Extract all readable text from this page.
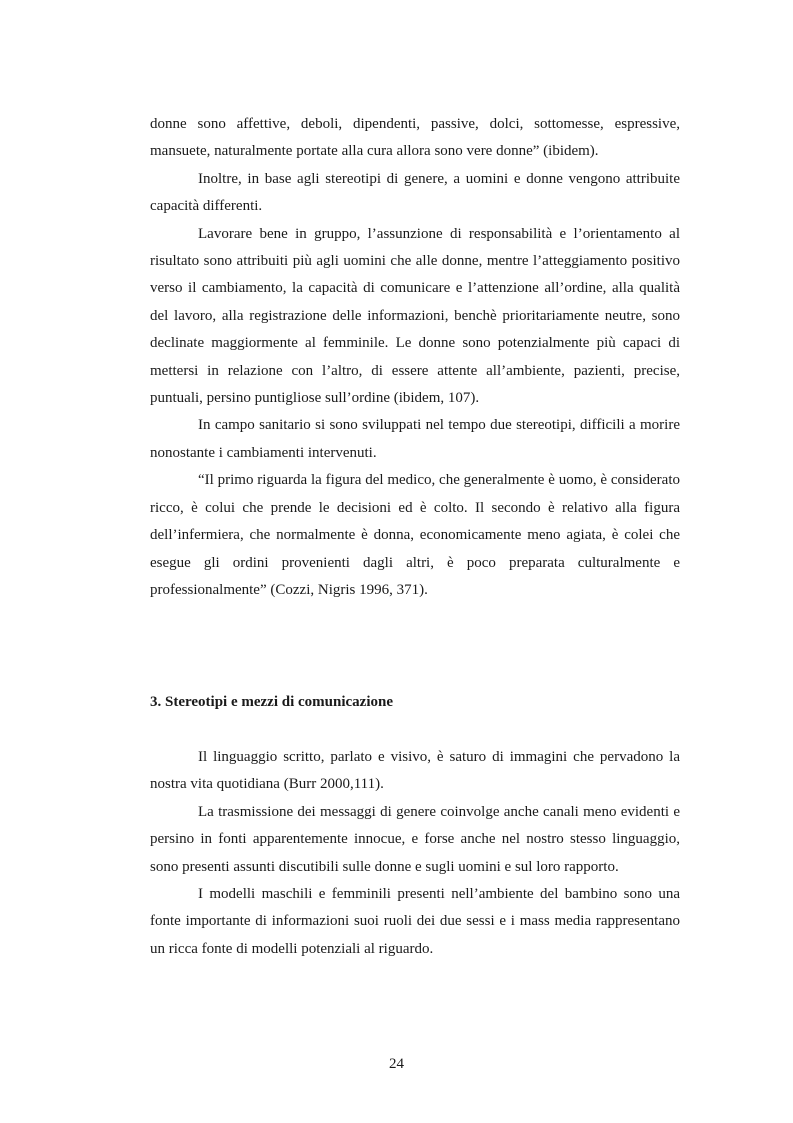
donne sono affettive, deboli, dipendenti, passive, dolci, sottomesse, espressive, mansuete, naturalmente portate alla cura allora sono vere donne” (ibidem).

Inoltre, in base agli stereotipi di genere, a uomini e donne vengono attribuite capacità differenti.

Lavorare bene in gruppo, l’assunzione di responsabilità e l’orientamento al risultato sono attribuiti più agli uomini che alle donne, mentre l’atteggiamento positivo verso il cambiamento, la capacità di comunicare e l’attenzione all’ordine, alla qualità del lavoro, alla registrazione delle informazioni, benchè prioritariamente neutre, sono declinate maggiormente al femminile. Le donne sono potenzialmente più capaci di mettersi in relazione con l’altro, di essere attente all’ambiente, pazienti, precise, puntuali, persino puntigliose sull’ordine (ibidem, 107).

In campo sanitario si sono sviluppati nel tempo due stereotipi, difficili a morire nonostante i cambiamenti intervenuti.

“Il primo riguarda la figura del medico, che generalmente è uomo, è considerato ricco, è colui che prende le decisioni ed è colto. Il secondo è relativo alla figura dell’infermiera, che normalmente è donna, economicamente meno agiata, è colei che esegue gli ordini provenienti dagli altri, è poco preparata culturalmente e professionalmente” (Cozzi, Nigris 1996, 371).

3. Stereotipi e mezzi di comunicazione

Il linguaggio scritto, parlato e visivo, è saturo di immagini che pervadono la nostra vita quotidiana (Burr 2000,111).

La trasmissione dei messaggi di genere coinvolge anche canali meno evidenti e persino in fonti apparentemente innocue, e forse anche nel nostro stesso linguaggio, sono presenti assunti discutibili sulle donne e sugli uomini e sul loro rapporto.

I modelli maschili e femminili presenti nell’ambiente del bambino sono una fonte importante di informazioni suoi ruoli dei due sessi e i mass media rappresentano un ricca fonte di modelli potenziali al riguardo.

24
